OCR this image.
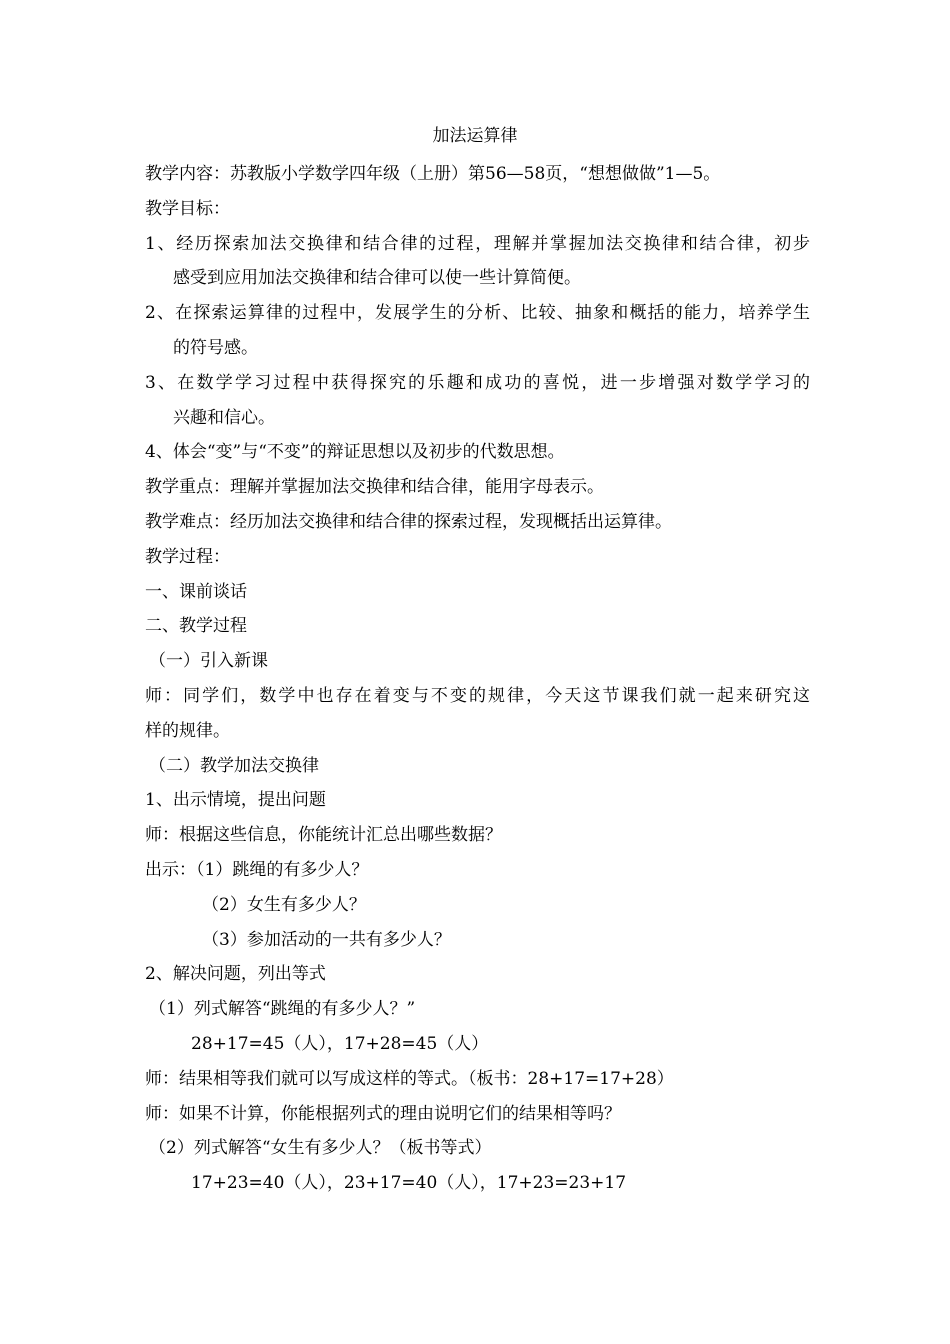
加法运算律
教学内容：苏教版小学数学四年级（上册）第56—58页，“想想做做”1—5。
教学目标：
1、经历探索加法交换律和结合律的过程，理解并掌握加法交换律和结合律，初步
感受到应用加法交换律和结合律可以使一些计算简便。
2、在探索运算律的过程中，发展学生的分析、比较、抽象和概括的能力，培养学生
的符号感。
3、在数学学习过程中获得探究的乐趣和成功的喜悦，进一步增强对数学学习的
兴趣和信心。
4、体会“变”与“不变”的辩证思想以及初步的代数思想。
教学重点：理解并掌握加法交换律和结合律，能用字母表示。
教学难点：经历加法交换律和结合律的探索过程，发现概括出运算律。
教学过程：
一、课前谈话
二、教学过程
（一）引入新课
师：同学们，数学中也存在着变与不变的规律，今天这节课我们就一起来研究这
样的规律。
（二）教学加法交换律
1、出示情境，提出问题
师：根据这些信息，你能统计汇总出哪些数据？
出示：（1）跳绳的有多少人？
（2）女生有多少人？
（3）参加活动的一共有多少人？
2、解决问题，列出等式
（1）列式解答“跳绳的有多少人？”
28+17=45（人），17+28=45（人）
师：结果相等我们就可以写成这样的等式。（板书：28+17=17+28）
师：如果不计算，你能根据列式的理由说明它们的结果相等吗？
（2）列式解答“女生有多少人？（板书等式）
17+23=40（人），23+17=40（人），17+23=23+17
